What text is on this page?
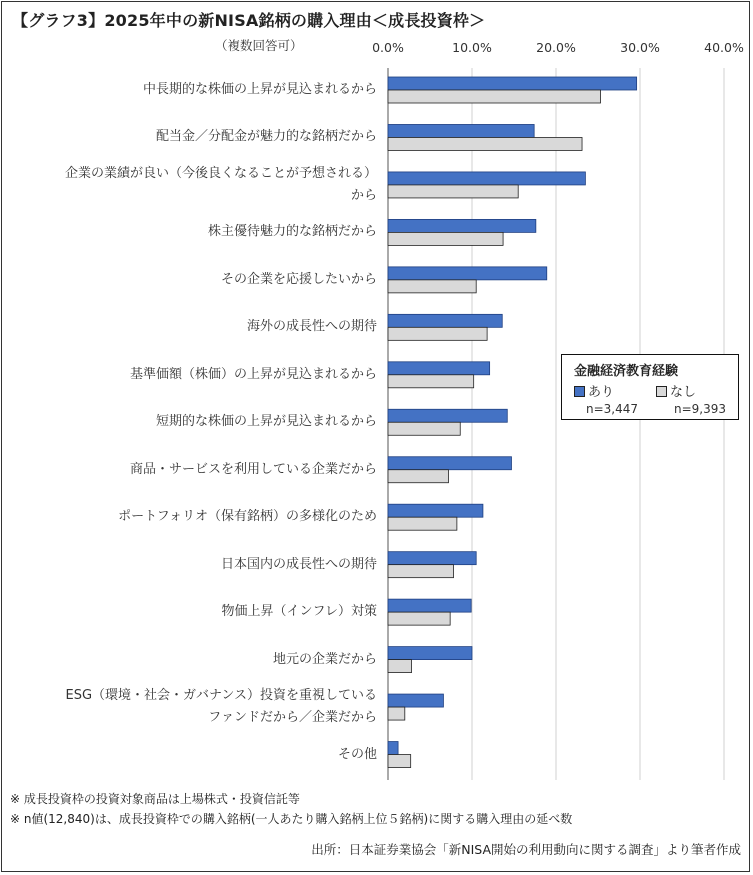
【グラフ3】2025年中の新NISA銘柄の購入理由＜成長投資枠＞
（複数回答可）	0.0%	10.0%	20.0%	30.0%	40.0%
中長期的な株価の上昇が見込まれるから
配当金／分配金が魅力的な銘柄だから
企業の業績が良い（今後良くなることが予想される）
から
株主優待魅力的な銘柄だから
その企業を応援したいから
海外の成長性への期待
基準価額（株価）の上昇が見込まれるから
短期的な株価の上昇が見込まれるから
商品・サービスを利用している企業だから
ポートフォリオ（保有銘柄）の多様化のため
日本国内の成長性への期待
物価上昇（インフレ）対策
地元の企業だから
ESG（環境・社会・ガバナンス）投資を重視している
ファンドだから／企業だから
その他
金融経済教育経験
あり	なし
n=3,447	n=9,393
※ 成長投資枠の投資対象商品は上場株式・投資信託等
※ n値(12,840)は、成長投資枠での購入銘柄(一人あたり購入銘柄上位５銘柄)に関する購入理由の延べ数
出所：日本証券業協会「新NISA開始の利用動向に関する調査」より筆者作成
